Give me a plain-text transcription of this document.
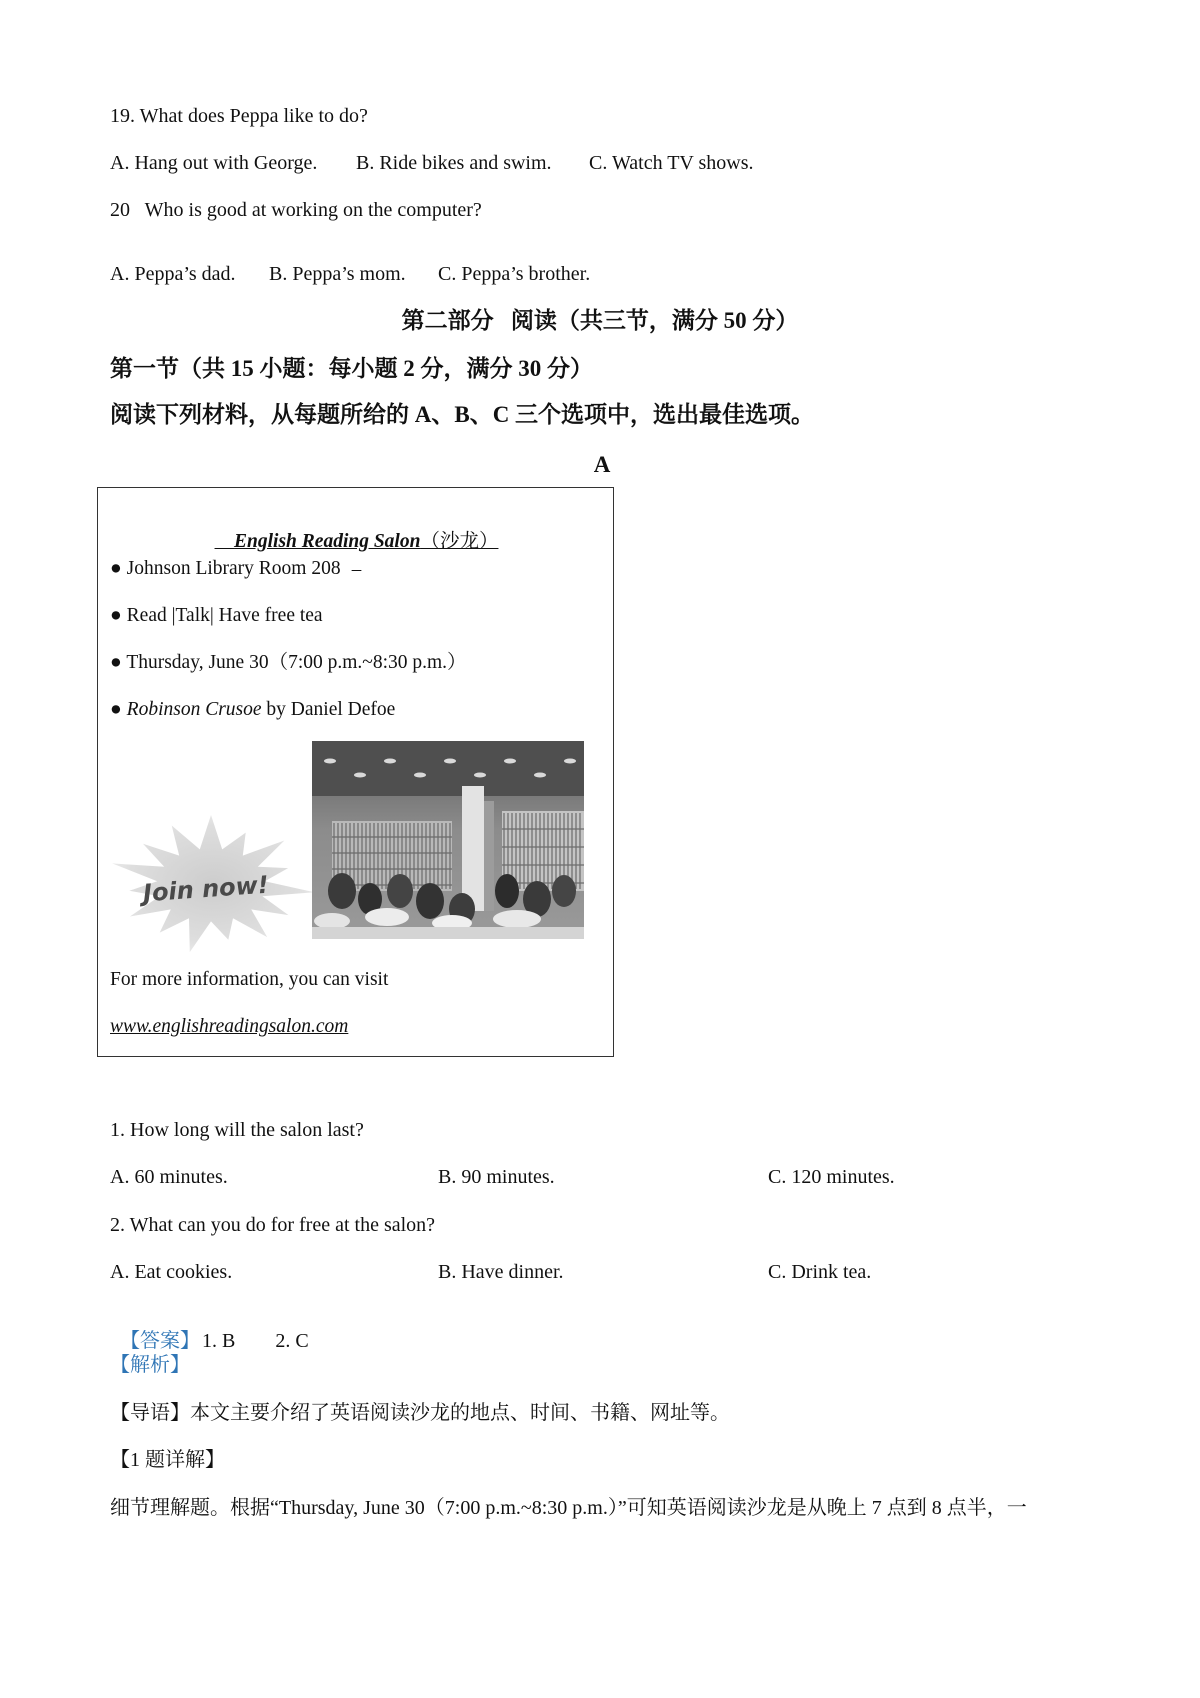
19. What does Peppa like to do?
A. Hang out with George. B. Ride bikes and swim. C. Watch TV shows.
20   Who is good at working on the computer?
A. Peppa’s dad. B. Peppa’s mom. C. Peppa’s brother.
第二部分   阅读（共三节，满分 50 分）
第一节（共 15 小题：每小题 2 分，满分 30 分）
阅读下列材料，从每题所给的 A、B、C 三个选项中，选出最佳选项。
A

English Reading Salon（沙龙）

● Johnson Library Room 208
● Read |Talk| Have free tea
● Thursday, June 30（7:00 p.m.~8:30 p.m.）
● Robinson Crusoe by Daniel Defoe
Join now!
For more information, you can visit
www.englishreadingsalon.com
1. How long will the salon last?
A. 60 minutes.	B. 90 minutes.	C. 120 minutes.
2. What can you do for free at the salon?
A. Eat cookies.	B. Have dinner.	C. Drink tea.

【答案】 1. B 2. C

【解析】
【导语】本文主要介绍了英语阅读沙龙的地点、时间、书籍、网址等。
【1 题详解】
细节理解题。根据“Thursday, June 30（7:00 p.m.~8:30 p.m.）”可知英语阅读沙龙是从晚上 7 点到 8 点半，一
